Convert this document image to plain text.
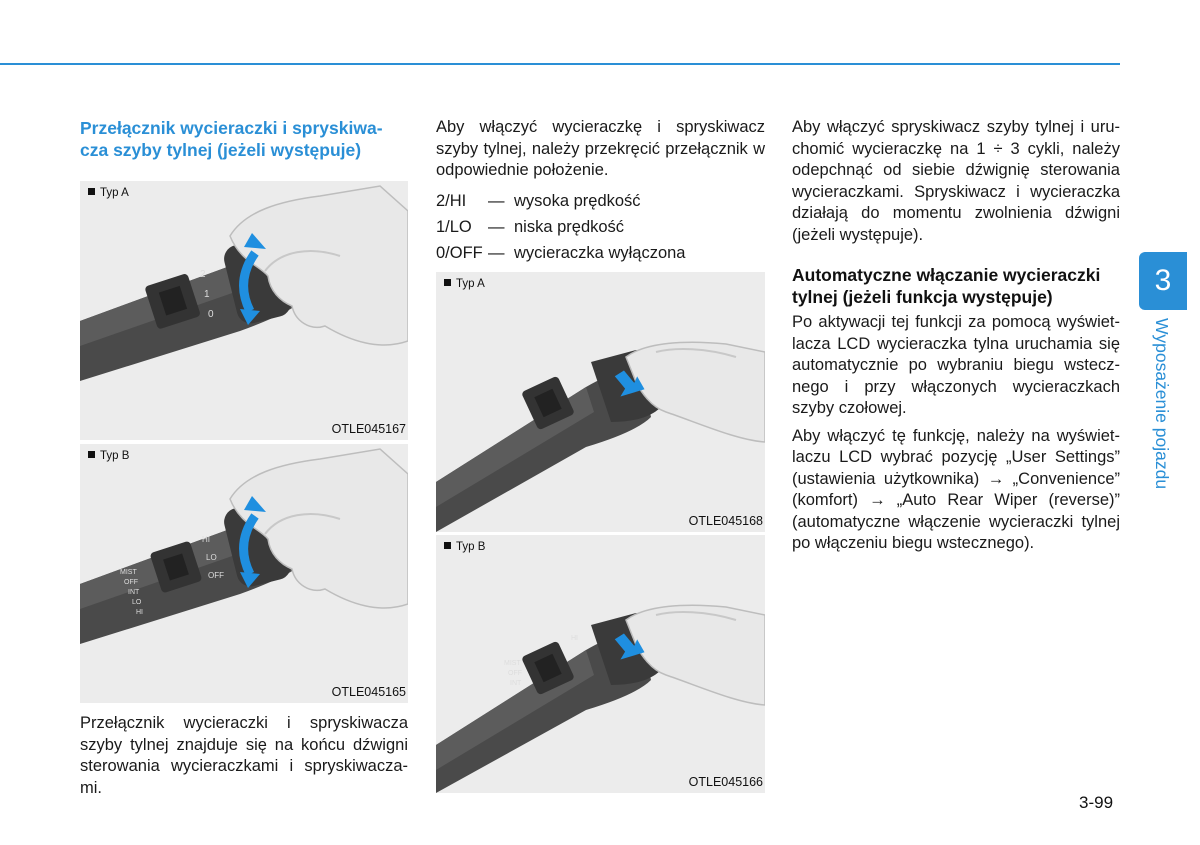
Przełącznik wycieraczki i spryskiwa-
cza szyby tylnej (jeżeli występuje)

Typ A
2
1
0
OTLE045167
Typ B
MIST
OFF
INT
LO
HI
HI
LO
OFF
OTLE045165

Przełącznik wycieraczki i spryskiwacza szyby tylnej znajduje się na końcu dźwigni sterowania wycieraczkami i spryskiwacza-mi.

Aby włączyć wycieraczkę i spryskiwacz szyby tylnej, należy przekręcić przełącznik w odpowiednie położenie.

2/HI	— wysoka prędkość
1/LO — niska prędkość
0/OFF — wycieraczka wyłączona
Typ A
OTLE045168
Typ B
MIST
OFF
INT
HI
OTLE045166

Aby włączyć spryskiwacz szyby tylnej i uru-chomić wycieraczkę na 1 ÷ 3 cykli, należy odepchnąć od siebie dźwignię sterowania wycieraczkami. Spryskiwacz i wycieraczka działają do momentu zwolnienia dźwigni (jeżeli występuje).

Automatyczne włączanie wycieraczki
tylnej (jeżeli funkcja występuje)

Po aktywacji tej funkcji za pomocą wyświet-lacza LCD wycieraczka tylna uruchamia się automatycznie po wybraniu biegu wstecz-nego i przy włączonych wycieraczkach szyby czołowej.

Aby włączyć tę funkcję, należy na wyświet-laczu LCD wybrać pozycję „User Settings” (ustawienia użytkownika) → „Convenience” (komfort) → „Auto Rear Wiper (reverse)” (automatyczne włączenie wycieraczki tylnej po włączeniu biegu wstecznego).

3
Wyposażenie pojazdu
3-99
